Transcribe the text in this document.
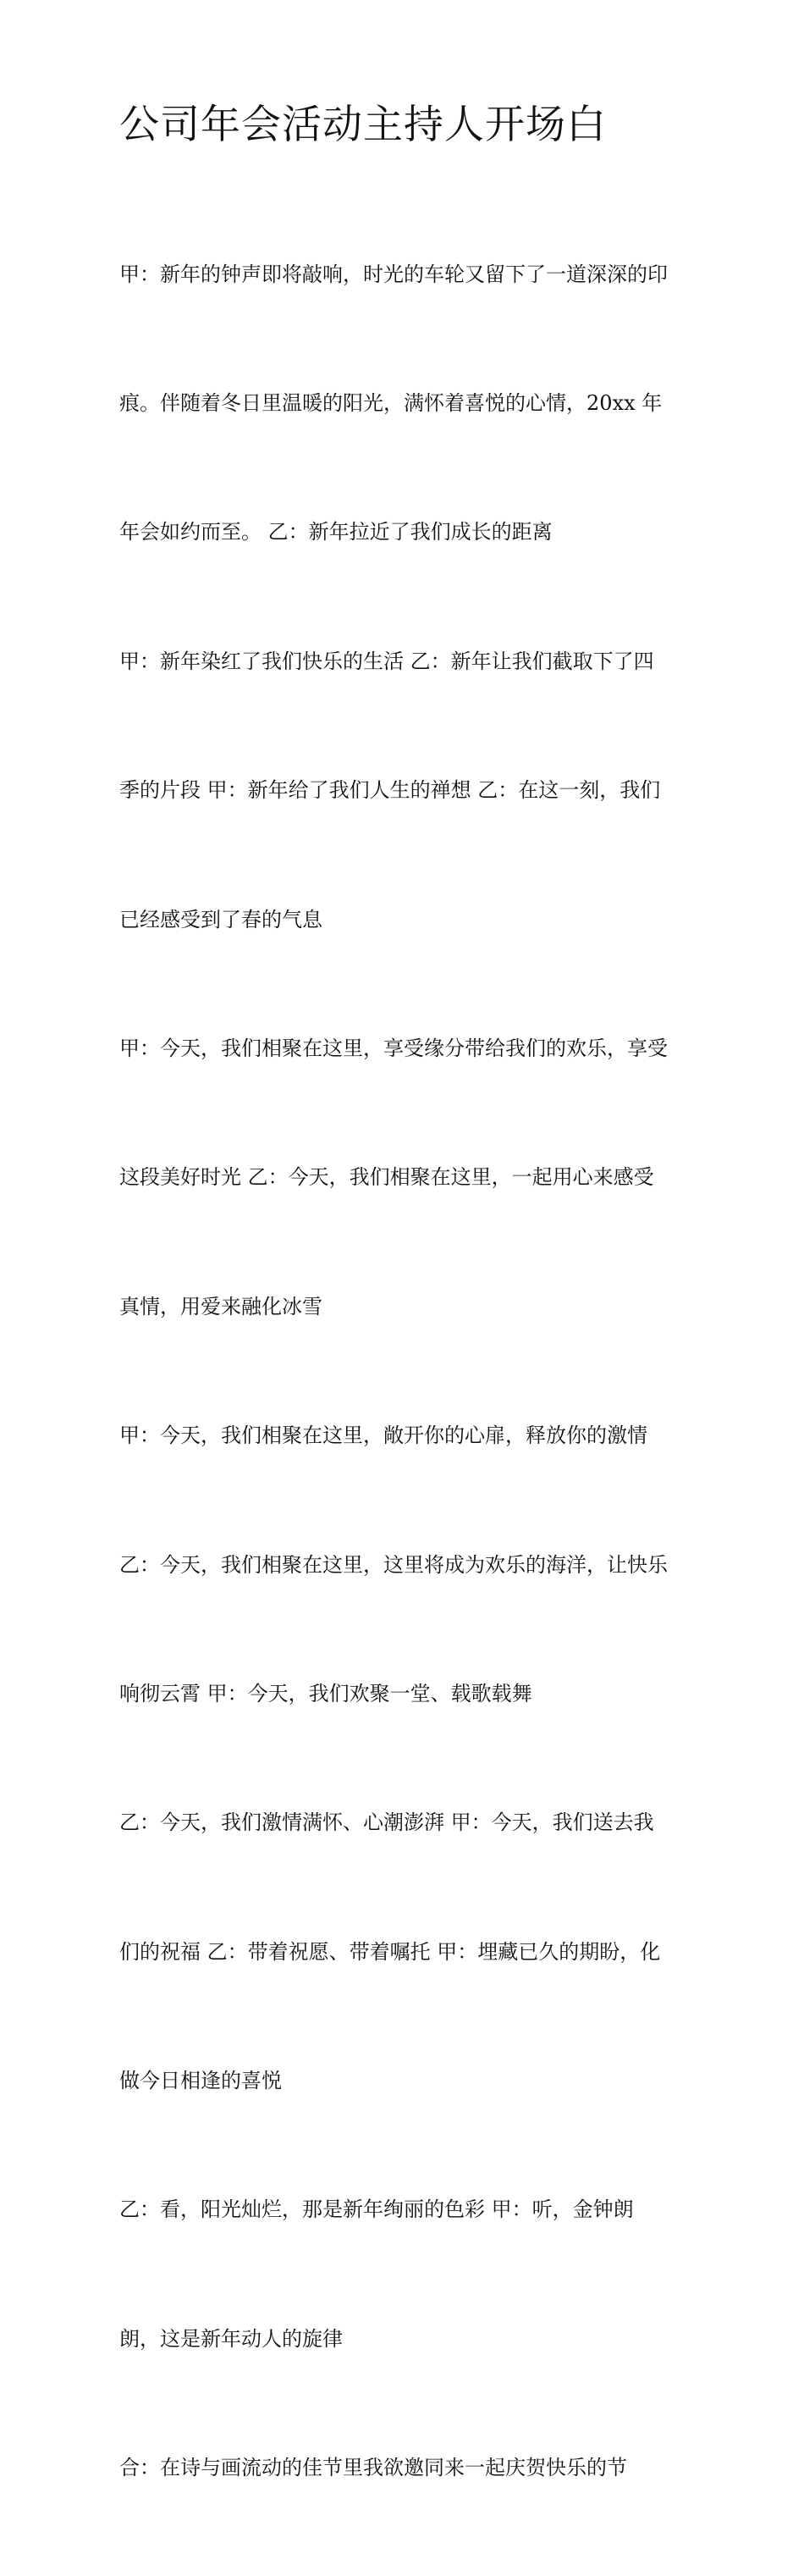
公司年会活动主持人开场白

甲：新年的钟声即将敲响，时光的车轮又留下了一道深深的印

痕。伴随着冬日里温暖的阳光，满怀着喜悦的心情，20xx 年

年会如约而至。 乙：新年拉近了我们成长的距离

甲：新年染红了我们快乐的生活 乙：新年让我们截取下了四

季的片段 甲：新年给了我们人生的禅想 乙：在这一刻，我们

已经感受到了春的气息

甲：今天，我们相聚在这里，享受缘分带给我们的欢乐，享受

这段美好时光 乙：今天，我们相聚在这里，一起用心来感受

真情，用爱来融化冰雪

甲：今天，我们相聚在这里，敞开你的心扉，释放你的激情

乙：今天，我们相聚在这里，这里将成为欢乐的海洋，让快乐

响彻云霄 甲：今天，我们欢聚一堂、载歌载舞

乙：今天，我们激情满怀、心潮澎湃 甲：今天，我们送去我

们的祝福 乙：带着祝愿、带着嘱托 甲：埋藏已久的期盼，化

做今日相逢的喜悦

乙：看，阳光灿烂，那是新年绚丽的色彩 甲：听，金钟朗

朗，这是新年动人的旋律

合：在诗与画流动的佳节里我欲邀同来一起庆贺快乐的节
